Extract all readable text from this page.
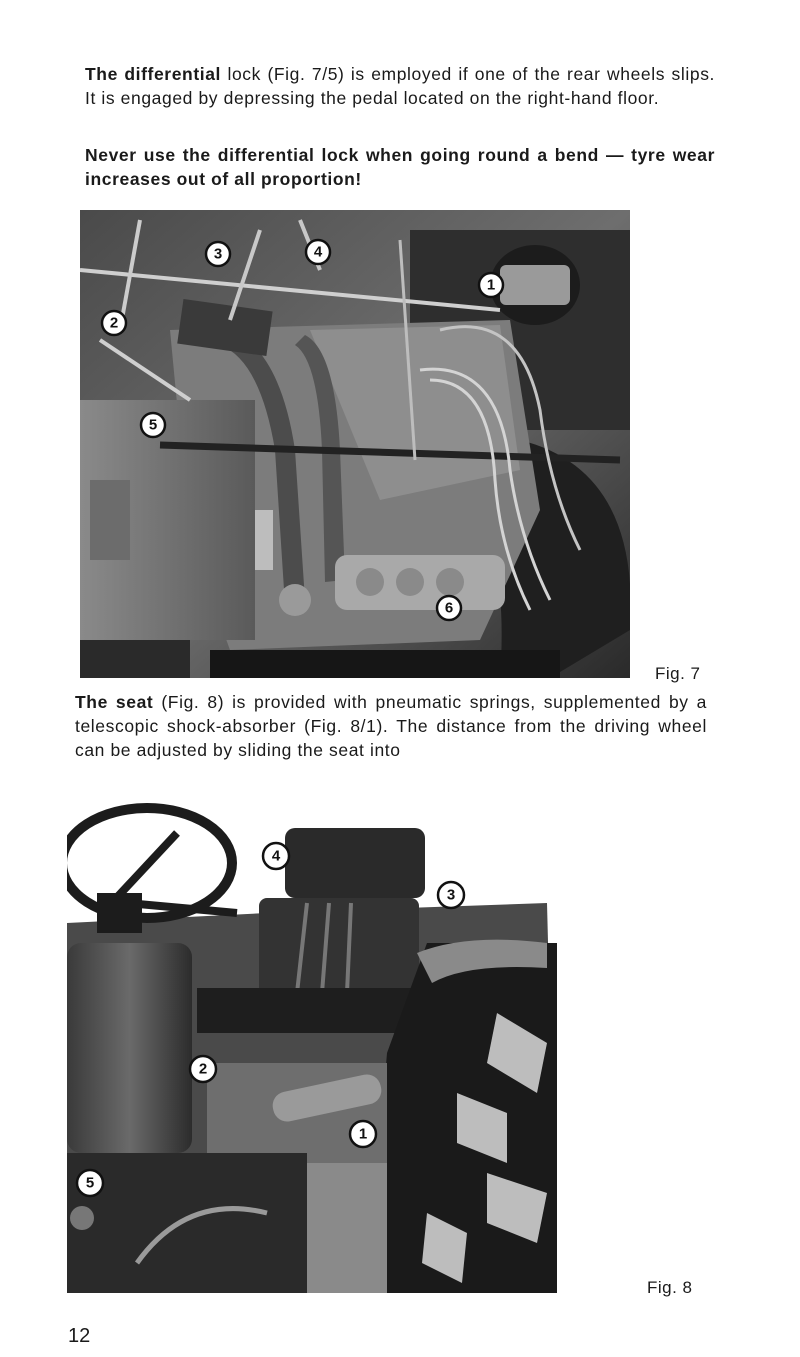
The differential lock (Fig. 7/5) is employed if one of the rear wheels slips. It is engaged by depressing the pedal located on the right-hand floor.

Never use the differential lock when going round a bend — tyre wear increases out of all proportion!

1
2
3	4
5
6
Fig. 7

The seat (Fig. 8) is provided with pneumatic springs, supplemented by a telescopic shock-absorber (Fig. 8/1). The distance from the driving wheel can be adjusted by sliding the seat into

1
2
3
4
5
Fig. 8
12
